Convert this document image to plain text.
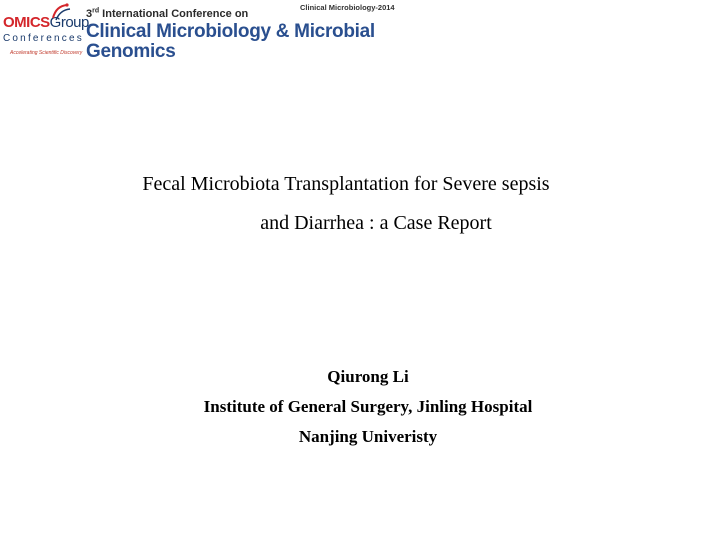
OMICSGroup
Conferences
Accelerating Scientific Discovery
Clinical Microbiology-2014
3rd International Conference on
Clinical Microbiology & Microbial
Genomics
Fecal Microbiota Transplantation for Severe sepsis
and Diarrhea : a Case Report
Qiurong Li
Institute of General Surgery, Jinling Hospital
Nanjing Univeristy
